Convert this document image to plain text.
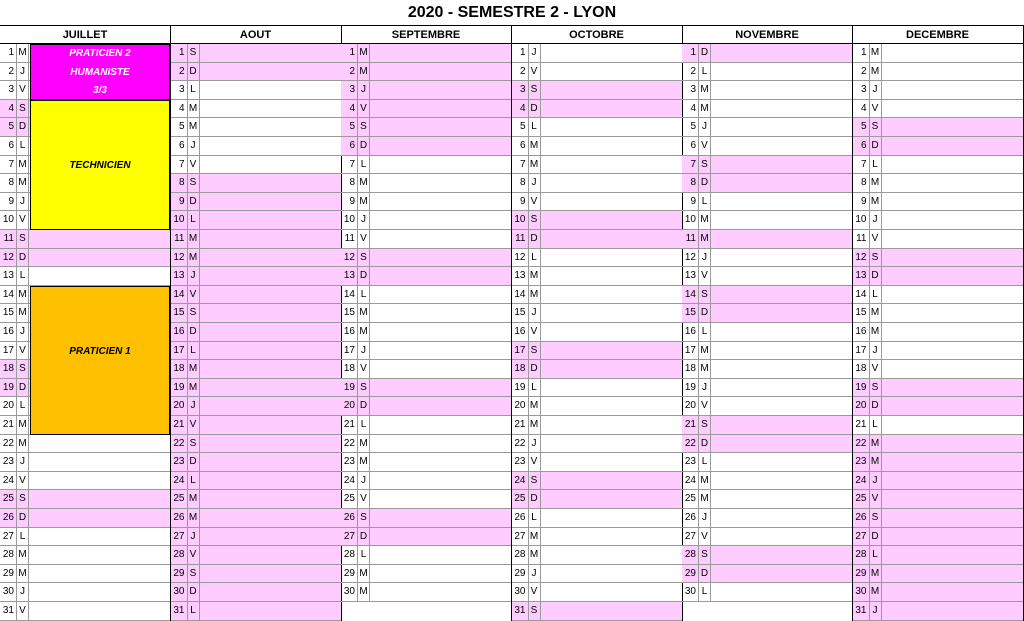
2020 - SEMESTRE 2 - LYON
JUILLET
1 M
2 J
3 V
4 S
5 D
6 L
7 M
8 M
9 J
10 V
11 S
12 D
13 L
14 M
15 M
16 J
17 V
18 S
19 D
20 L
21 M
22 M
23 J
24 V
25 S
26 D
27 L
28 M
29 M
30 J
31 V
AOUT
1 S
2 D
3 L
4 M
5 M
6 J
7 V
8 S
9 D
10 L
11 M
12 M
13 J
14 V
15 S
16 D
17 L
18 M
19 M
20 J
21 V
22 S
23 D
24 L
25 M
26 M
27 J
28 V
29 S
30 D
31 L
SEPTEMBRE
1 M
2 M
3 J
4 V
5 S
6 D
7 L
8 M
9 M
10 J
11 V
12 S
13 D
14 L
15 M
16 M
17 J
18 V
19 S
20 D
21 L
22 M
23 M
24 J
25 V
26 S
27 D
28 L
29 M
30 M
OCTOBRE
1 J
2 V
3 S
4 D
5 L
6 M
7 M
8 J
9 V
10 S
11 D
12 L
13 M
14 M
15 J
16 V
17 S
18 D
19 L
20 M
21 M
22 J
23 V
24 S
25 D
26 L
27 M
28 M
29 J
30 V
31 S
NOVEMBRE
1 D
2 L
3 M
4 M
5 J
6 V
7 S
8 D
9 L
10 M
11 M
12 J
13 V
14 S
15 D
16 L
17 M
18 M
19 J
20 V
21 S
22 D
23 L
24 M
25 M
26 J
27 V
28 S
29 D
30 L
DECEMBRE
1 M
2 M
3 J
4 V
5 S
6 D
7 L
8 M
9 M
10 J
11 V
12 S
13 D
14 L
15 M
16 M
17 J
18 V
19 S
20 D
21 L
22 M
23 M
24 J
25 V
26 S
27 D
28 L
29 M
30 M
31 J
PRATICIEN 2
HUMANISTE
3/3
TECHNICIEN
PRATICIEN 1
